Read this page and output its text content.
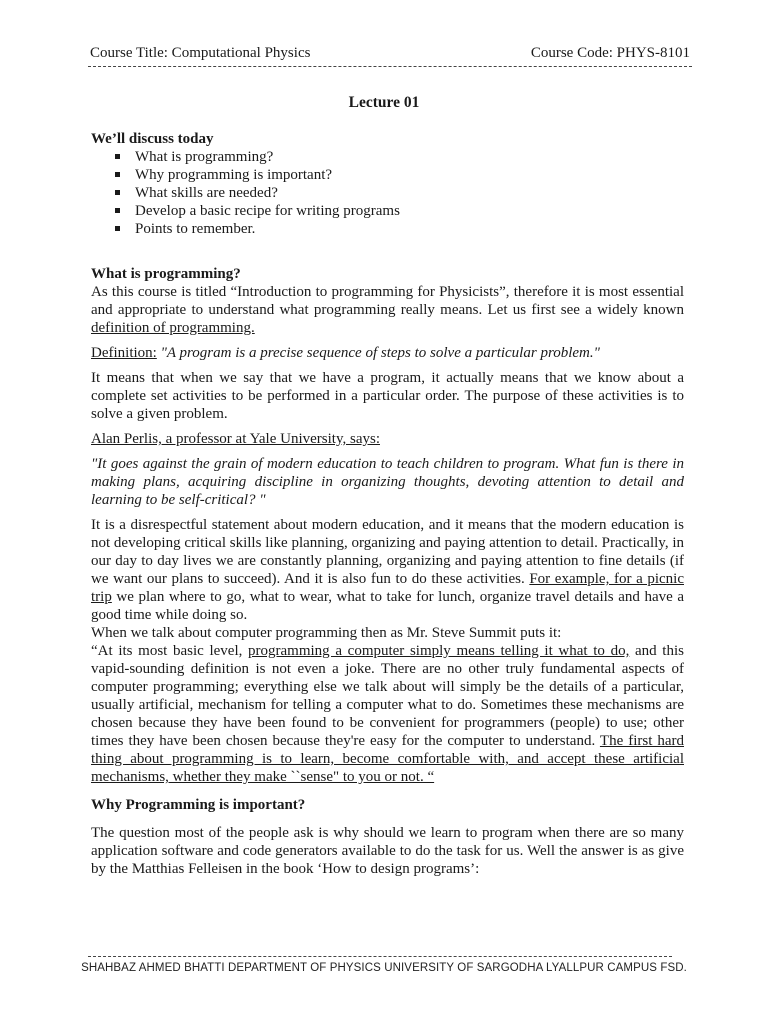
Course Title: Computational Physics	Course Code: PHYS-8101
Lecture 01
We’ll discuss today
What is programming?
Why programming is important?
What skills are needed?
Develop a basic recipe for writing programs
Points to remember.
What is programming?

As this course is titled “Introduction to programming for Physicists”, therefore it is most essential and appropriate to understand what programming really means. Let us first see a widely known definition of programming.

Definition: "A program is a precise sequence of steps to solve a particular problem."

It means that when we say that we have a program, it actually means that we know about a complete set activities to be performed in a particular order. The purpose of these activities is to solve a given problem.

Alan Perlis, a professor at Yale University, says:

"It goes against the grain of modern education to teach children to program. What fun is there in making plans, acquiring discipline in organizing thoughts, devoting attention to detail and learning to be self-critical? "

It is a disrespectful statement about modern education, and it means that the modern education is not developing critical skills like planning, organizing and paying attention to detail. Practically, in our day to day lives we are constantly planning, organizing and paying attention to fine details (if we want our plans to succeed). And it is also fun to do these activities. For example, for a picnic trip we plan where to go, what to wear, what to take for lunch, organize travel details and have a good time while doing so.

When we talk about computer programming then as Mr. Steve Summit puts it:

“At its most basic level, programming a computer simply means telling it what to do, and this vapid-sounding definition is not even a joke. There are no other truly fundamental aspects of computer programming; everything else we talk about will simply be the details of a particular, usually artificial, mechanism for telling a computer what to do. Sometimes these mechanisms are chosen because they have been found to be convenient for programmers (people) to use; other times they have been chosen because they're easy for the computer to understand. The first hard thing about programming is to learn, become comfortable with, and accept these artificial mechanisms, whether they make ``sense" to you or not. “

Why Programming is important?

The question most of the people ask is why should we learn to program when there are so many application software and code generators available to do the task for us. Well the answer is as give by the Matthias Felleisen in the book ‘How to design programs’:

SHAHBAZ AHMED BHATTI DEPARTMENT OF PHYSICS UNIVERSITY OF SARGODHA LYALLPUR CAMPUS FSD.
